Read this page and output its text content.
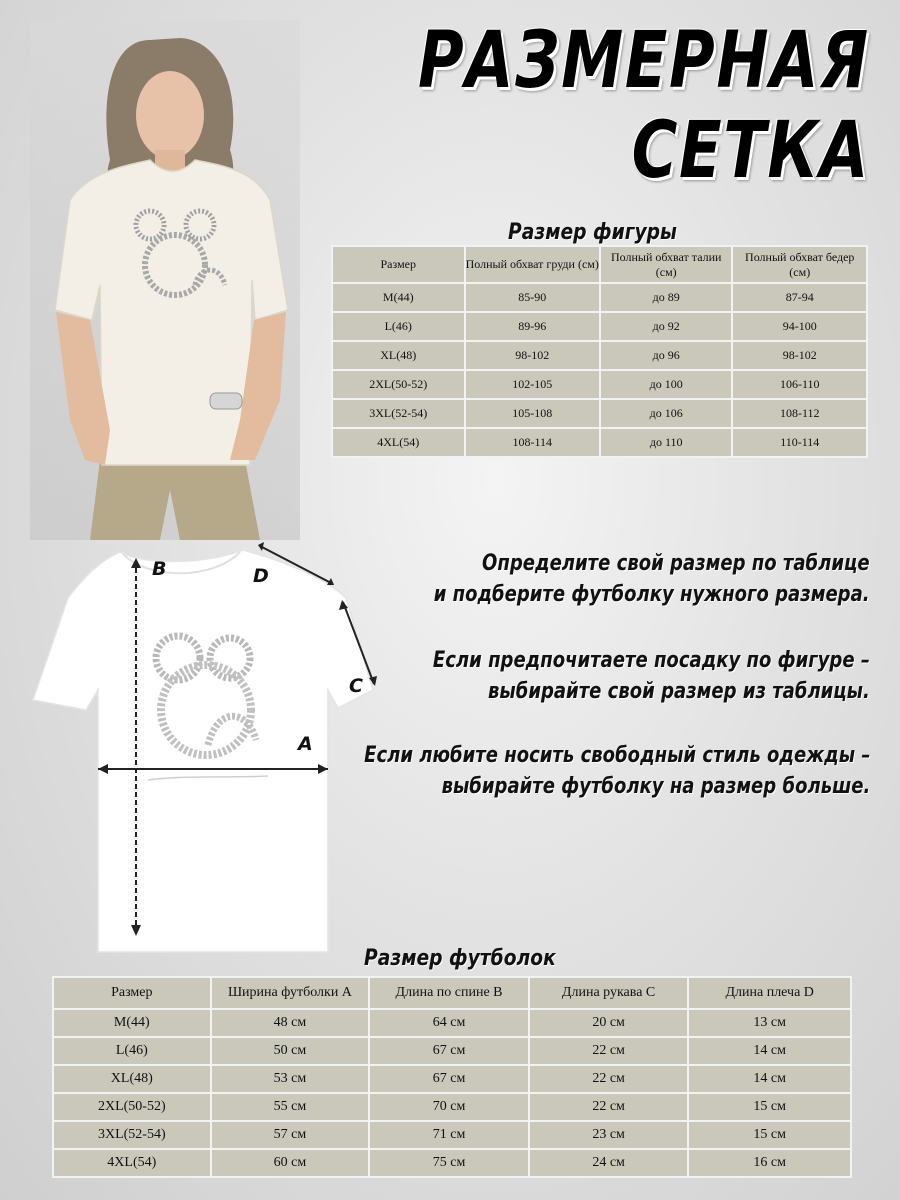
РАЗМЕРНАЯ
СЕТКА
Размер фигуры
Размер	Полный обхват груди (см)	Полный обхват талии (см)	Полный обхват бедер (см)
M(44)	85-90	до 89	87-94
L(46)	89-96	до 92	94-100
XL(48)	98-102	до 96	98-102
2XL(50-52)	102-105	до 100	106-110
3XL(52-54)	105-108	до 106	108-112
4XL(54)	108-114	до 110	110-114
B	D
C
A
Определите свой размер по таблице
и подберите футболку нужного размера.
Если предпочитаете посадку по фигуре –
выбирайте свой размер из таблицы.
Если любите носить свободный стиль одежды –
выбирайте футболку на размер больше.
Размер футболок
Размер	Ширина футболки A	Длина по спине B	Длина рукава C	Длина плеча D
M(44)	48 см	64 см	20 см	13 см
L(46)	50 см	67 см	22 см	14 см
XL(48)	53 см	67 см	22 см	14 см
2XL(50-52)	55 см	70 см	22 см	15 см
3XL(52-54)	57 см	71 см	23 см	15 см
4XL(54)	60 см	75 см	24 см	16 см
